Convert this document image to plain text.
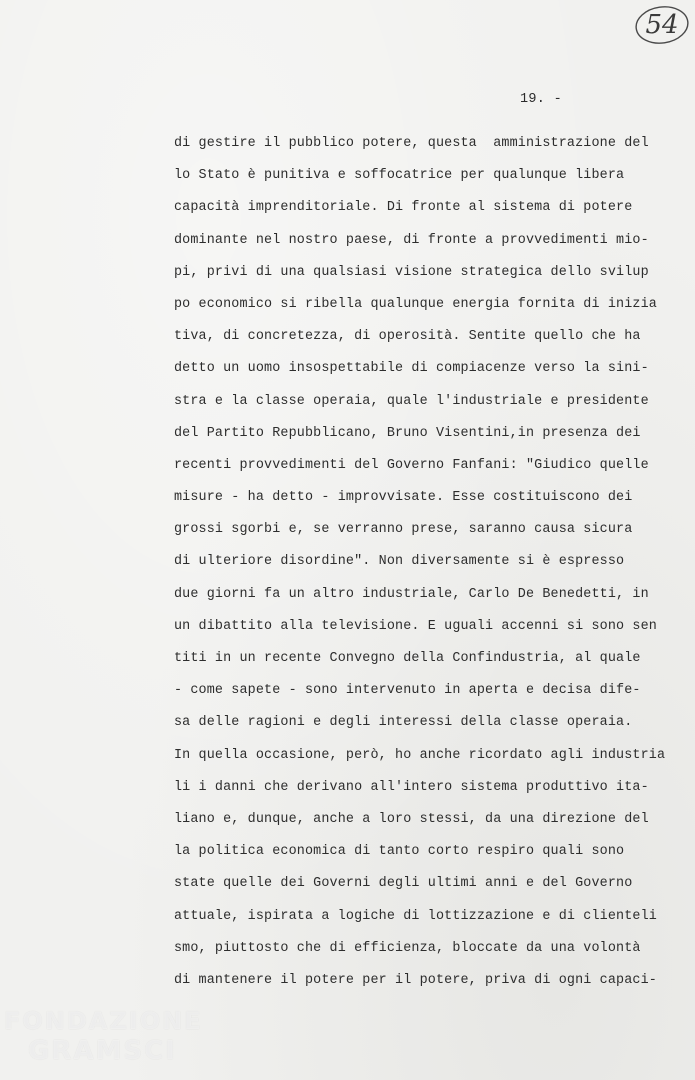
54
19. -
di gestire il pubblico potere, questa  amministrazione del
lo Stato è punitiva e soffocatrice per qualunque libera
capacità imprenditoriale. Di fronte al sistema di potere
dominante nel nostro paese, di fronte a provvedimenti mio-
pi, privi di una qualsiasi visione strategica dello svilup
po economico si ribella qualunque energia fornita di inizia
tiva, di concretezza, di operosità. Sentite quello che ha
detto un uomo insospettabile di compiacenze verso la sini-
stra e la classe operaia, quale l'industriale e presidente
del Partito Repubblicano, Bruno Visentini,in presenza dei
recenti provvedimenti del Governo Fanfani: "Giudico quelle
misure - ha detto - improvvisate. Esse costituiscono dei
grossi sgorbi e, se verranno prese, saranno causa sicura
di ulteriore disordine". Non diversamente si è espresso
due giorni fa un altro industriale, Carlo De Benedetti, in
un dibattito alla televisione. E uguali accenni si sono sen
titi in un recente Convegno della Confindustria, al quale
- come sapete - sono intervenuto in aperta e decisa dife-
sa delle ragioni e degli interessi della classe operaia.
In quella occasione, però, ho anche ricordato agli industria
li i danni che derivano all'intero sistema produttivo ita-
liano e, dunque, anche a loro stessi, da una direzione del
la politica economica di tanto corto respiro quali sono
state quelle dei Governi degli ultimi anni e del Governo
attuale, ispirata a logiche di lottizzazione e di clienteli
smo, piuttosto che di efficienza, bloccate da una volontà
di mantenere il potere per il potere, priva di ogni capaci-
FONDAZIONE
GRAMSCI
